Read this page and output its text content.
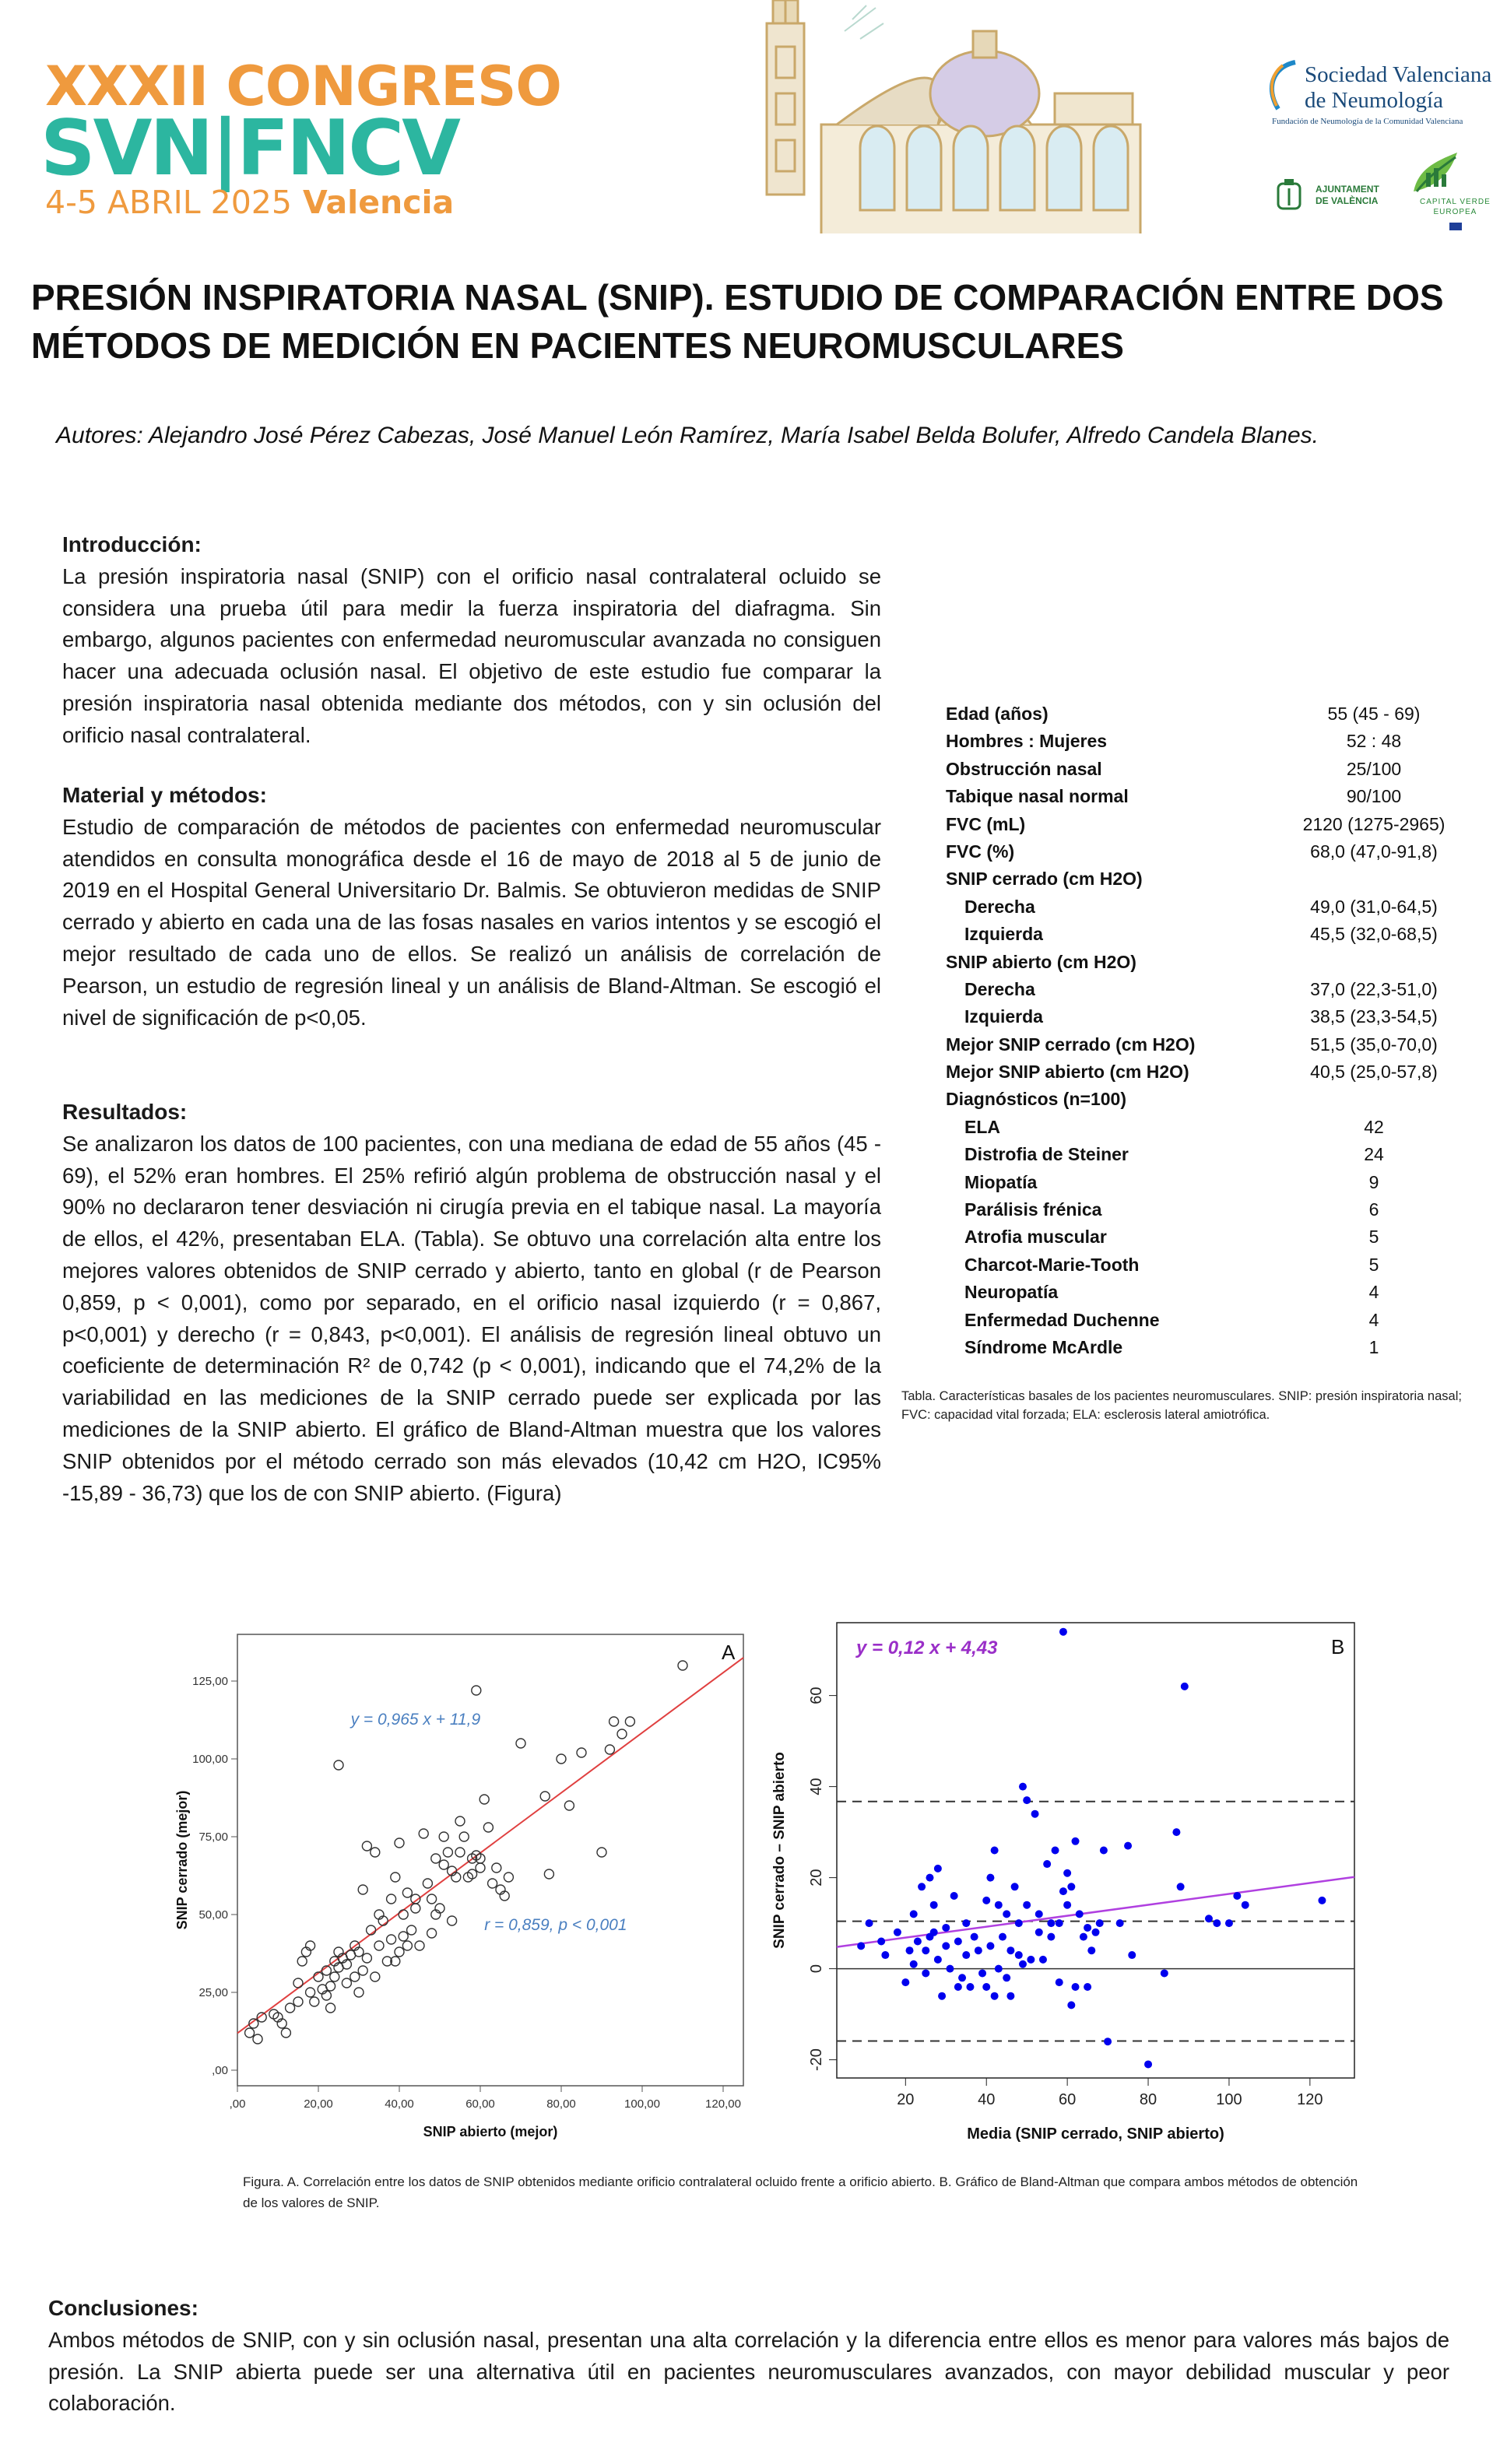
XXXII CONGRESO
SVN|FNCV
4-5 ABRIL 2025 Valencia
Sociedad Valenciana
de Neumología
Fundación de Neumología de la Comunidad Valenciana
AJUNTAMENT
DE VALÈNCIA	CAPITAL VERDE
EUROPEA
PRESIÓN INSPIRATORIA NASAL (SNIP). ESTUDIO DE COMPARACIÓN ENTRE DOS MÉTODOS DE MEDICIÓN EN PACIENTES NEUROMUSCULARES
Autores: Alejandro José Pérez Cabezas, José Manuel León Ramírez, María Isabel Belda Bolufer, Alfredo Candela Blanes.
Introducción:

La presión inspiratoria nasal (SNIP) con el orificio nasal contralateral ocluido se considera una prueba útil para medir la fuerza inspiratoria del diafragma. Sin embargo, algunos pacientes con enfermedad neuromuscular avanzada no consiguen hacer una adecuada oclusión nasal. El objetivo de este estudio fue comparar la presión inspiratoria nasal obtenida mediante dos métodos, con y sin oclusión del orificio nasal contralateral.

Material y métodos:

Estudio de comparación de métodos de pacientes con enfermedad neuromuscular atendidos en consulta monográfica desde el 16 de mayo de 2018 al 5 de junio de 2019 en el Hospital General Universitario Dr. Balmis. Se obtuvieron medidas de SNIP cerrado y abierto en cada una de las fosas nasales en varios intentos y se escogió el mejor resultado de cada uno de ellos. Se realizó un análisis de correlación de Pearson, un estudio de regresión lineal y un análisis de Bland-Altman. Se escogió el nivel de significación de p<0,05.

Resultados:

Se analizaron los datos de 100 pacientes, con una mediana de edad de 55 años (45 - 69), el 52% eran hombres. El 25% refirió algún problema de obstrucción nasal y el 90% no declararon tener desviación ni cirugía previa en el tabique nasal. La mayoría de ellos, el 42%, presentaban ELA. (Tabla). Se obtuvo una correlación alta entre los mejores valores obtenidos de SNIP cerrado y abierto, tanto en global (r de Pearson 0,859, p < 0,001), como por separado, en el orificio nasal izquierdo (r = 0,867, p<0,001) y derecho (r = 0,843, p<0,001). El análisis de regresión lineal obtuvo un coeficiente de determinación R² de 0,742 (p < 0,001), indicando que el 74,2% de la variabilidad en las mediciones de la SNIP cerrado puede ser explicada por las mediciones de la SNIP abierto. El gráfico de Bland-Altman muestra que los valores SNIP obtenidos por el método cerrado son más elevados (10,42 cm H2O, IC95% -15,89 - 36,73) que los de con SNIP abierto. (Figura)

Edad (años)	55 (45 - 69)
Hombres : Mujeres	52 : 48
Obstrucción nasal	25/100
Tabique nasal normal	90/100
FVC (mL)	2120 (1275-2965)
FVC (%)	68,0 (47,0-91,8)
SNIP cerrado (cm H2O)
Derecha	49,0 (31,0-64,5)
Izquierda	45,5 (32,0-68,5)
SNIP abierto (cm H2O)
Derecha	37,0 (22,3-51,0)
Izquierda	38,5 (23,3-54,5)
Mejor SNIP cerrado (cm H2O)	51,5 (35,0-70,0)
Mejor SNIP abierto (cm H2O)	40,5 (25,0-57,8)
Diagnósticos (n=100)
ELA	42
Distrofia de Steiner	24
Miopatía	9
Parálisis frénica	6
Atrofia muscular	5
Charcot-Marie-Tooth	5
Neuropatía	4
Enfermedad Duchenne	4
Síndrome McArdle	1
Tabla. Características basales de los pacientes neuromusculares. SNIP: presión inspiratoria nasal; FVC: capacidad vital forzada; ELA: esclerosis lateral amiotrófica.
,00	20,00	40,00	60,00	80,00	100,00	120,00
,00
25,00
50,00
75,00
100,00
125,00
y = 0,965 x + 11,9
r = 0,859, p < 0,001
A
SNIP abierto (mejor)
SNIP cerrado (mejor)
20	40	60	80	100	120
-20
0
20
40
60
y = 0,12 x + 4,43	B
Media (SNIP cerrado, SNIP abierto)
SNIP cerrado – SNIP abierto
Figura. A. Correlación entre los datos de SNIP obtenidos mediante orificio contralateral ocluido frente a orificio abierto. B. Gráfico de Bland-Altman que compara ambos métodos de obtención de los valores de SNIP.
Conclusiones:

Ambos métodos de SNIP, con y sin oclusión nasal, presentan una alta correlación y la diferencia entre ellos es menor para valores más bajos de presión. La SNIP abierta puede ser una alternativa útil en pacientes neuromusculares avanzados, con mayor debilidad muscular y peor colaboración.
